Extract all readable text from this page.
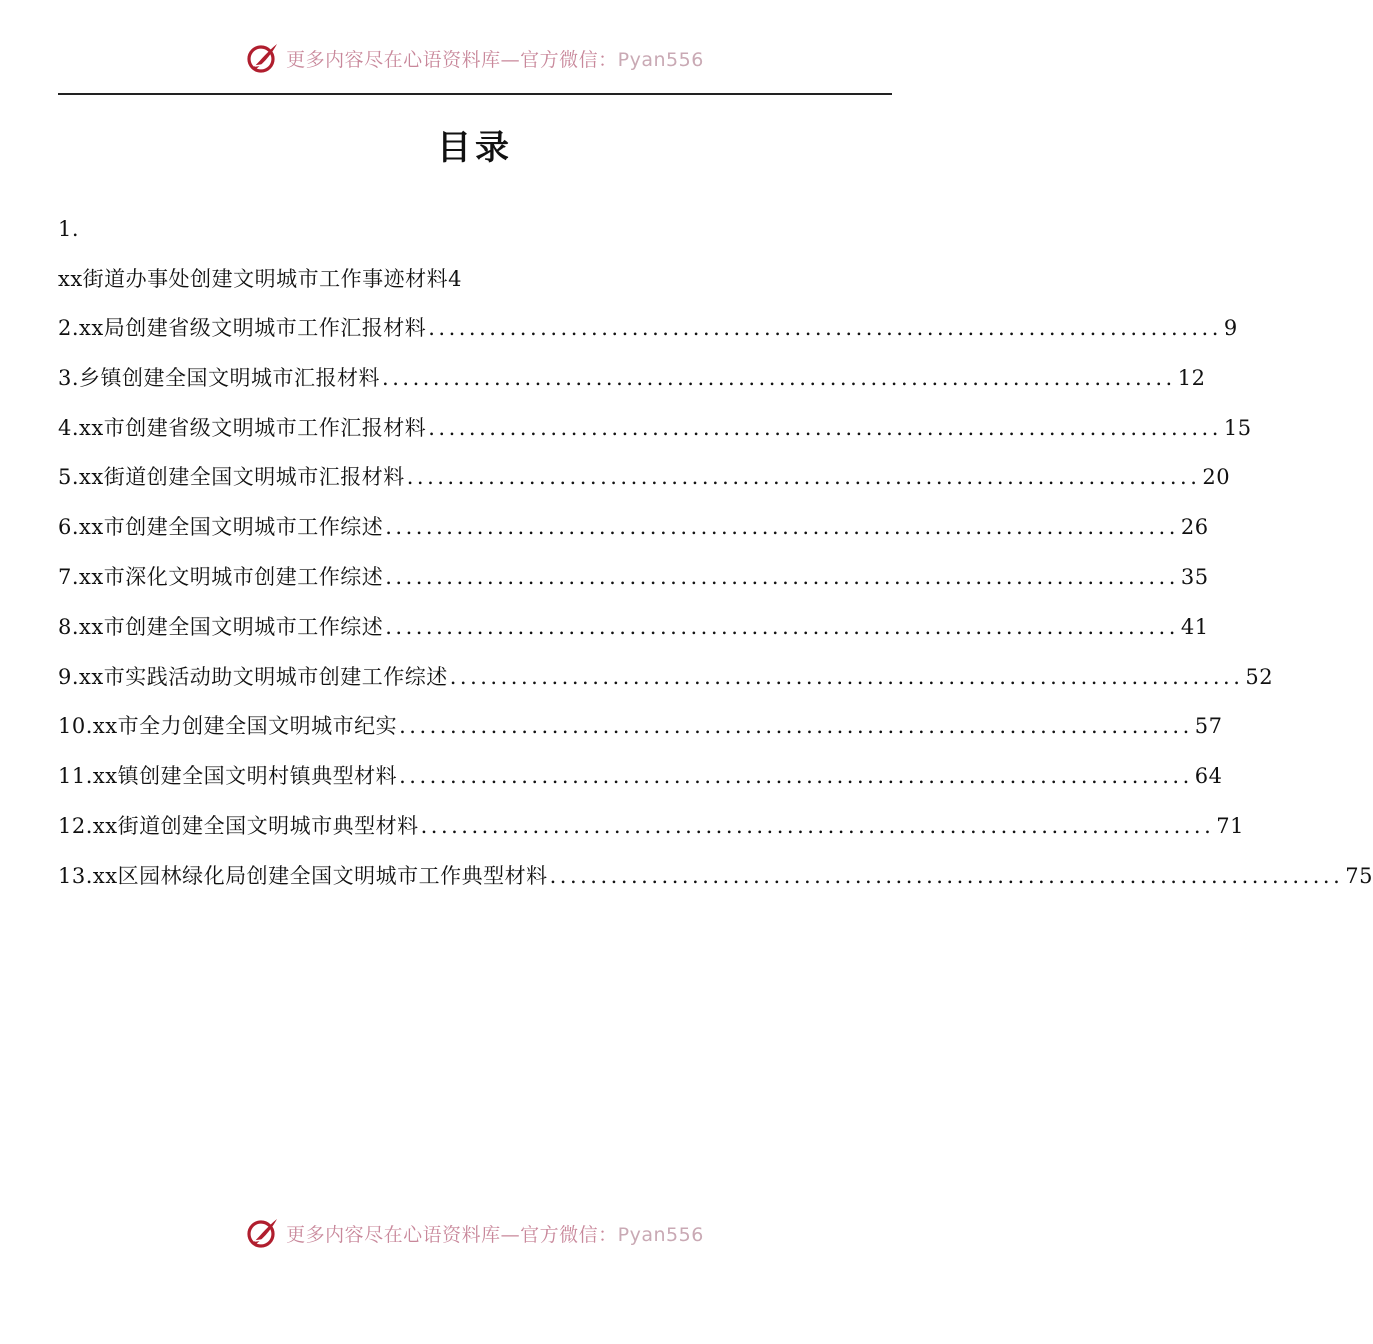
更多内容尽在心语资料库—官方微信：Pyan556
目录
1.
xx街道办事处创建文明城市工作事迹材料4
2.xx局创建省级文明城市工作汇报材料 .............................................................................. 9
3.乡镇创建全国文明城市汇报材料 .............................................................................. 12
4.xx市创建省级文明城市工作汇报材料 .............................................................................. 15
5.xx街道创建全国文明城市汇报材料 .............................................................................. 20
6.xx市创建全国文明城市工作综述 .............................................................................. 26
7.xx市深化文明城市创建工作综述 .............................................................................. 35
8.xx市创建全国文明城市工作综述 .............................................................................. 41
9.xx市实践活动助文明城市创建工作综述 .............................................................................. 52
10.xx市全力创建全国文明城市纪实 .............................................................................. 57
11.xx镇创建全国文明村镇典型材料 .............................................................................. 64
12.xx街道创建全国文明城市典型材料 .............................................................................. 71
13.xx区园林绿化局创建全国文明城市工作典型材料 .............................................................................. 75
更多内容尽在心语资料库—官方微信：Pyan556
